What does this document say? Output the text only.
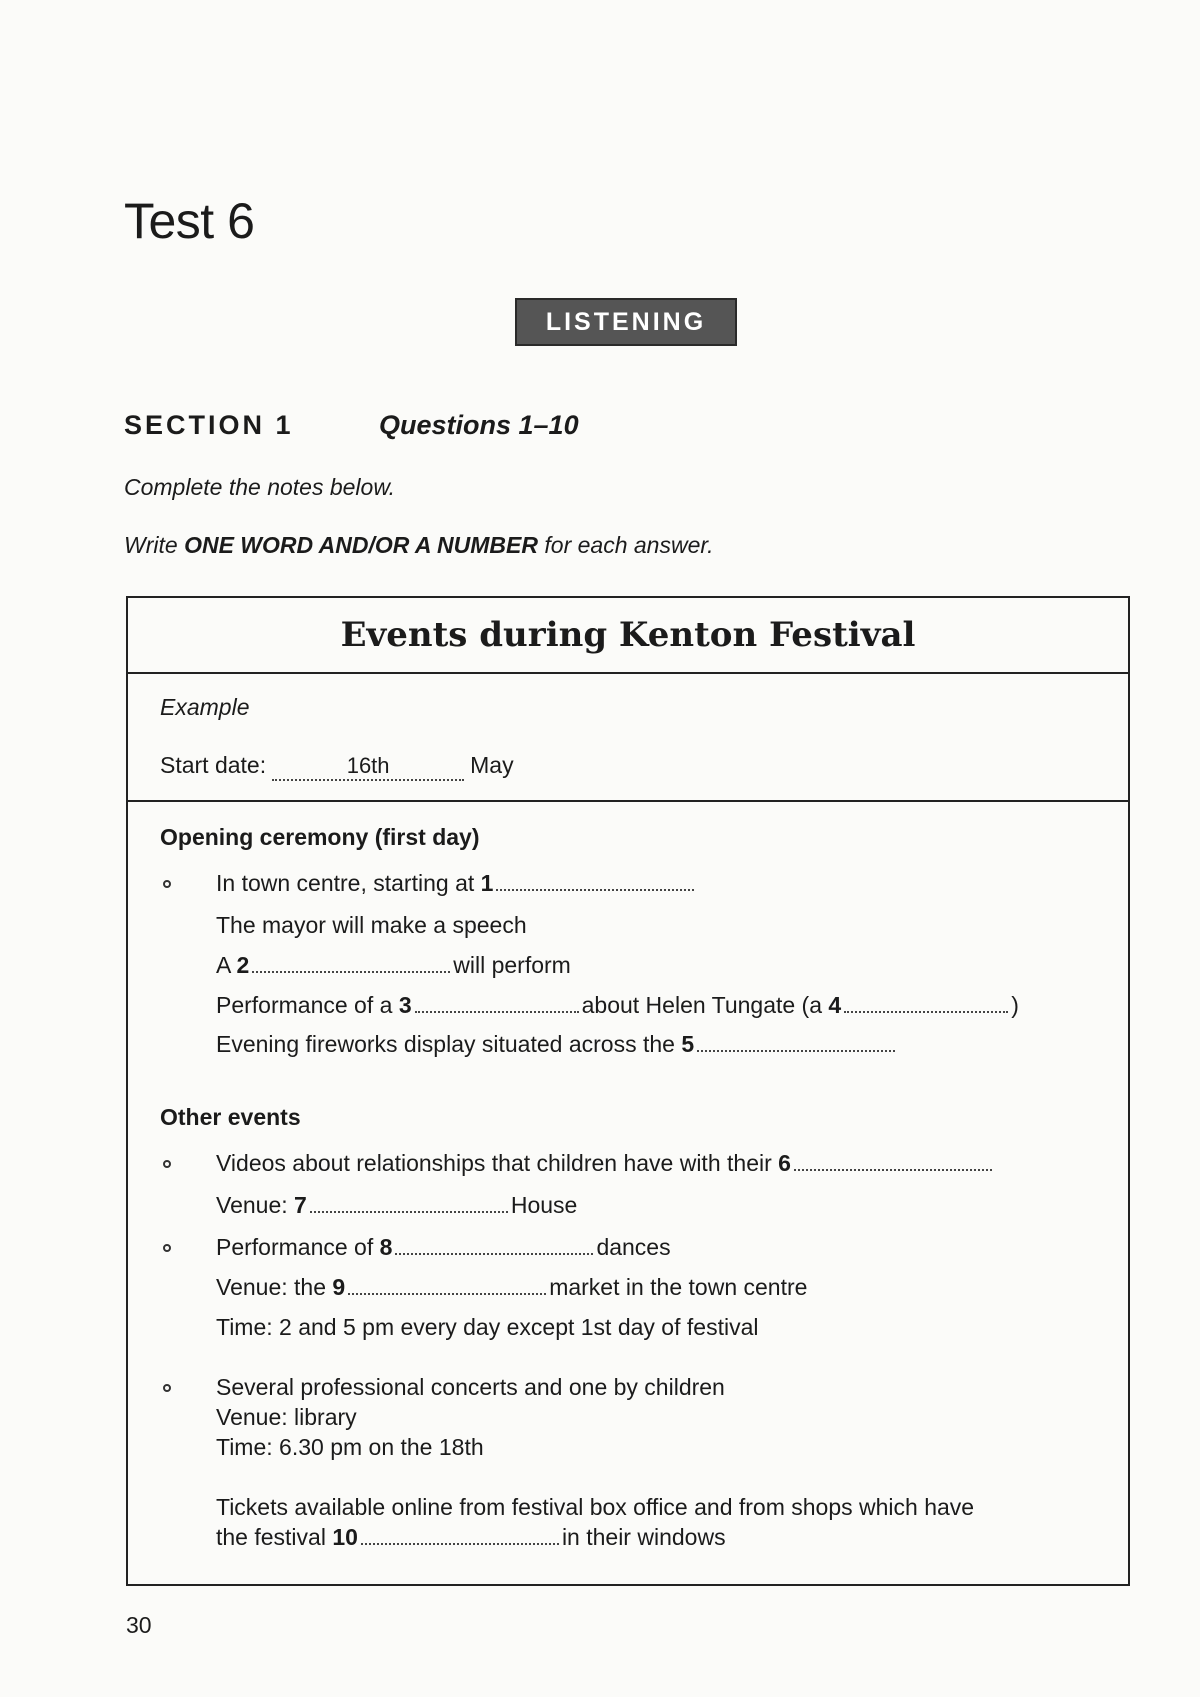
Test 6
LISTENING
SECTION 1	Questions 1–10
Complete the notes below.
Write ONE WORD AND/OR A NUMBER for each answer.
Events during Kenton Festival
Example
Start date:	16th	May
Opening ceremony (first day)
In town centre, starting at 1
The mayor will make a speech
A 2	will perform
Performance of a 3	about Helen Tungate (a 4	)
Evening fireworks display situated across the 5
Other events
Videos about relationships that children have with their 6
Venue: 7	House
Performance of 8	dances
Venue: the 9	market in the town centre
Time: 2 and 5 pm every day except 1st day of festival
Several professional concerts and one by children
Venue: library
Time: 6.30 pm on the 18th
Tickets available online from festival box office and from shops which have
the festival 10	in their windows
30
